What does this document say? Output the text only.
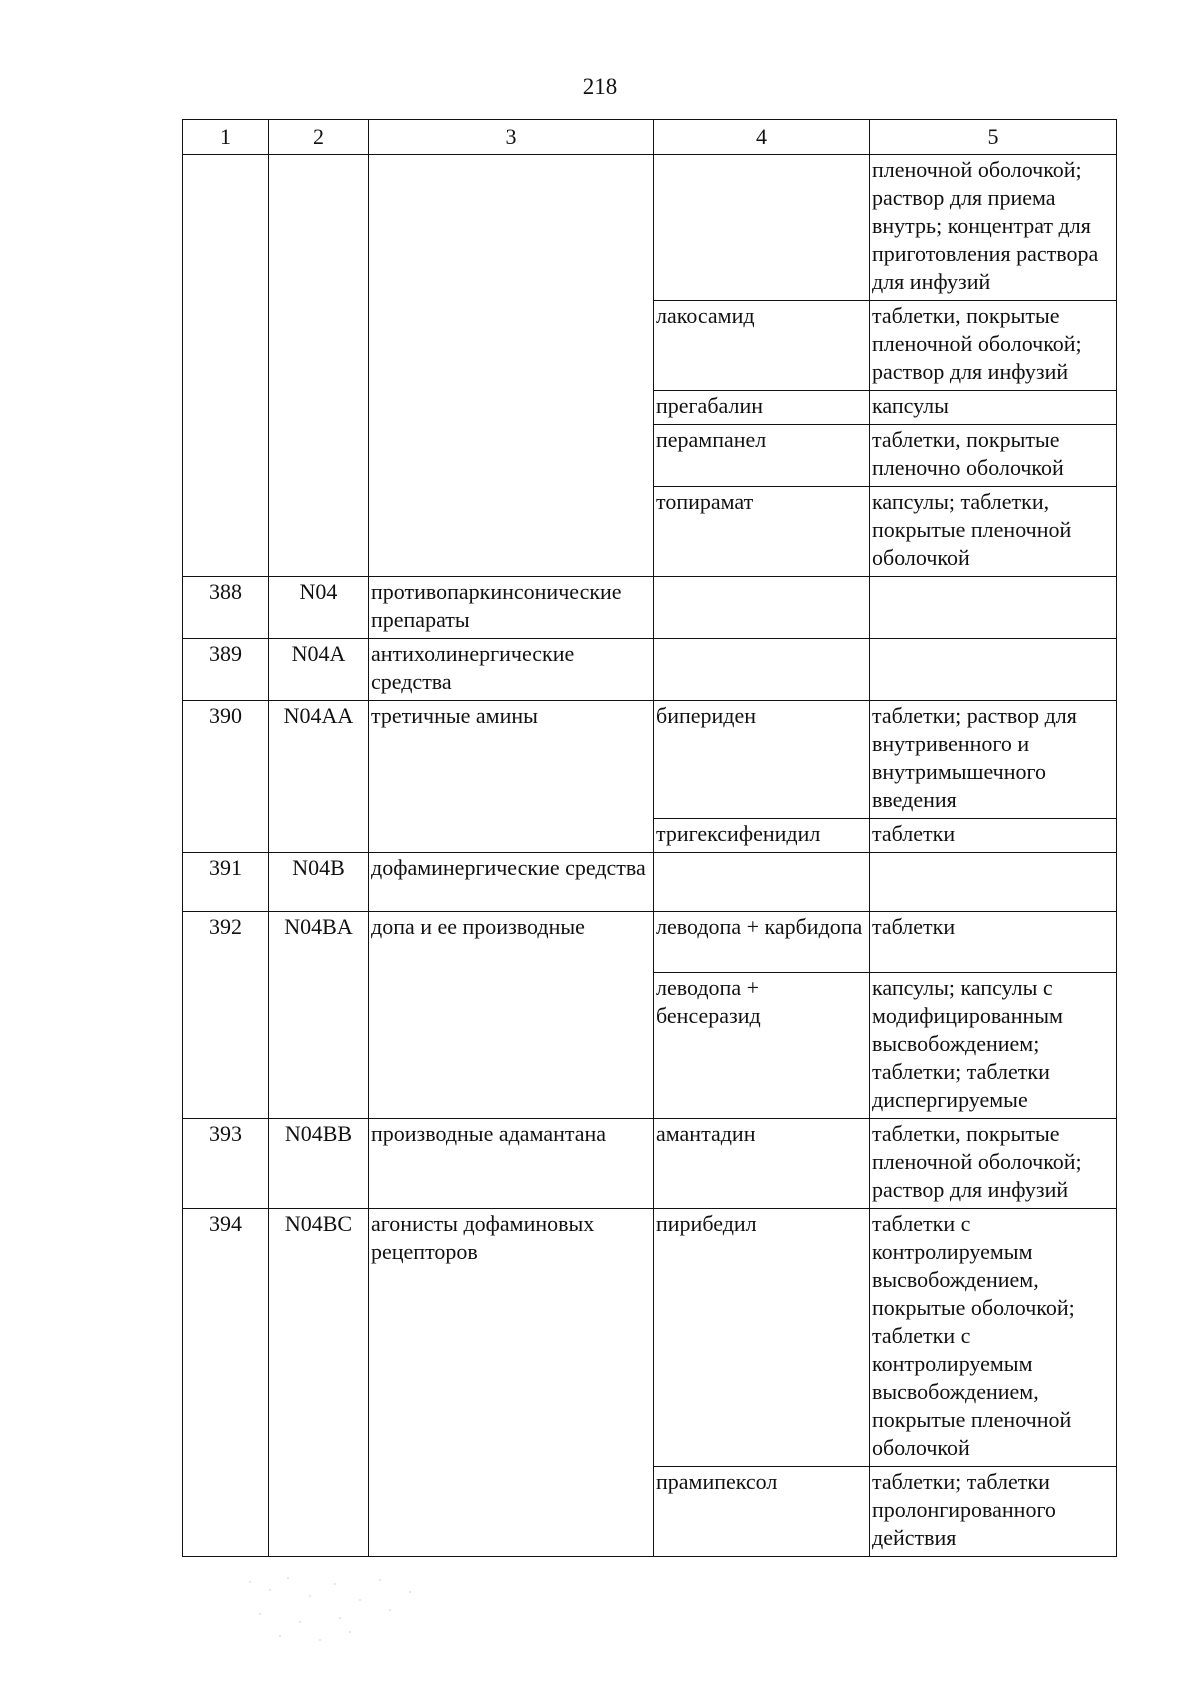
218
1	2	3	4	5
				пленочной оболочкой; раствор для приема внутрь; концентрат для приготовления раствора для инфузий
			лакосамид	таблетки, покрытые пленочной оболочкой; раствор для инфузий
			прегабалин	капсулы
			перампанел	таблетки, покрытые пленочно оболочкой
			топирамат	капсулы; таблетки, покрытые пленочной оболочкой
388	N04	противопаркинсонические препараты		
389	N04A	антихолинергические средства		
390	N04AA	третичные амины	бипериден	таблетки; раствор для внутривенного и внутримышечного введения
			тригексифенидил	таблетки
391	N04B	дофаминергические средства		
392	N04BA	допа и ее производные	леводопа + карбидопа	таблетки
			леводопа + бенсеразид	капсулы; капсулы с модифицированным высвобождением; таблетки; таблетки диспергируемые
393	N04BB	производные адамантана	амантадин	таблетки, покрытые пленочной оболочкой; раствор для инфузий
394	N04BC	агонисты дофаминовых рецепторов	пирибедил	таблетки с контролируемым высвобождением, покрытые оболочкой; таблетки с контролируемым высвобождением, покрытые пленочной оболочкой
			прамипексол	таблетки; таблетки пролонгированного действия
